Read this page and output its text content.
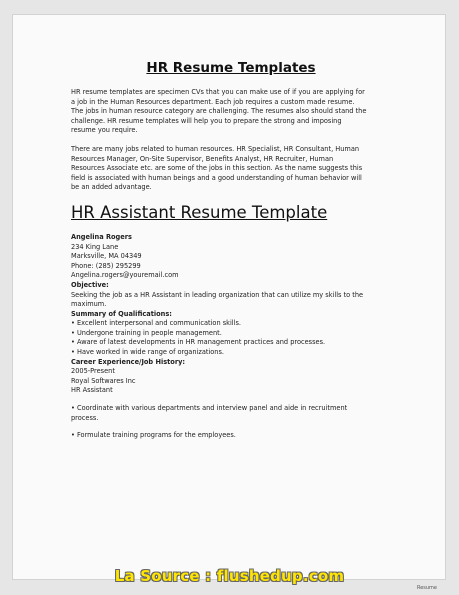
HR Resume Templates
HR resume templates are specimen CVs that you can make use of if you are applying for
a job in the Human Resources department. Each job requires a custom made resume.
The jobs in human resource category are challenging. The resumes also should stand the
challenge. HR resume templates will help you to prepare the strong and imposing
resume you require.
There are many jobs related to human resources. HR Specialist, HR Consultant, Human
Resources Manager, On-Site Supervisor, Benefits Analyst, HR Recruiter, Human
Resources Associate etc. are some of the jobs in this section. As the name suggests this
field is associated with human beings and a good understanding of human behavior will
be an added advantage.
HR Assistant Resume Template
Angelina Rogers
234 King Lane
Marksville, MA 04349
Phone: (285) 295299
Angelina.rogers@youremail.com
Objective:
Seeking the job as a HR Assistant in leading organization that can utilize my skills to the
maximum.
Summary of Qualifications:
• Excellent interpersonal and communication skills.
• Undergone training in people management.
• Aware of latest developments in HR management practices and processes.
• Have worked in wide range of organizations.
Career Experience/Job History:
2005-Present
Royal Softwares Inc
HR Assistant
• Coordinate with various departments and interview panel and aide in recruitment
process.
• Formulate training programs for the employees.
La Source : flushedup.com
Resume
